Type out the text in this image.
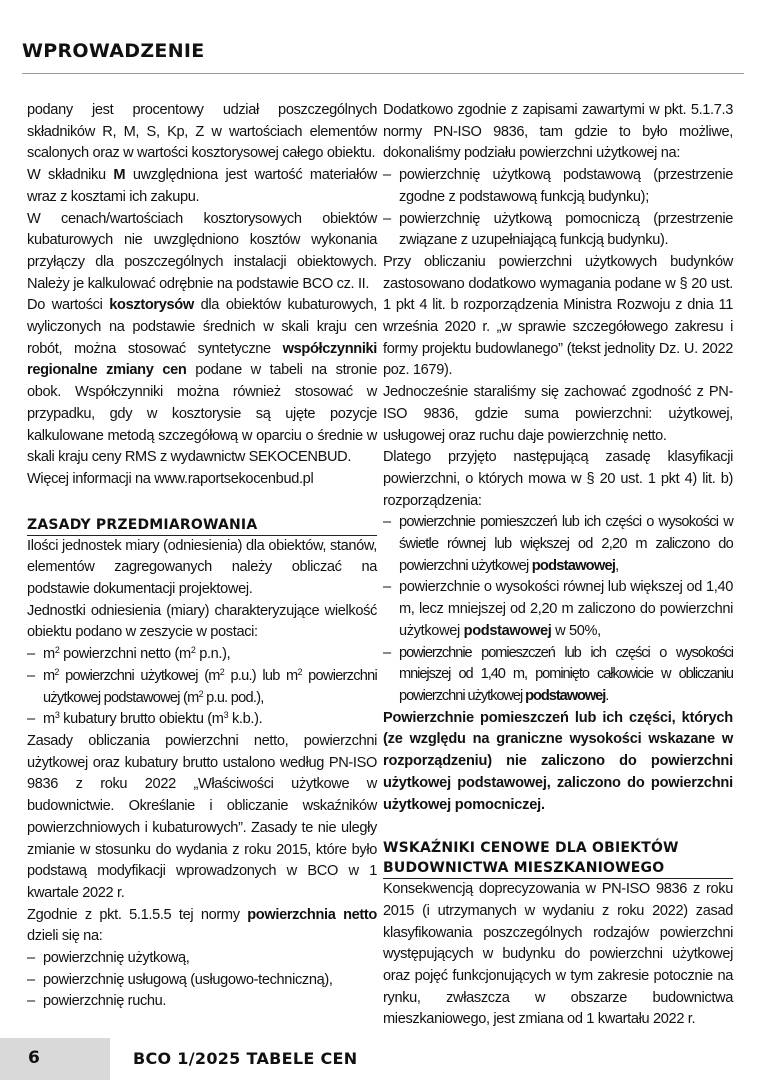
WPROWADZENIE

podany jest procentowy udział poszczególnych składników R, M, S, Kp, Z w wartościach elementów scalonych oraz w wartości kosztorysowej całego obiektu.

W składniku M uwzględniona jest wartość materiałów wraz z kosztami ich zakupu.

W cenach/wartościach kosztorysowych obiektów kubaturowych nie uwzględniono kosztów wykonania przyłączy dla poszczególnych instalacji obiektowych. Należy je kalkulować odrębnie na podstawie BCO cz. II.

Do wartości kosztorysów dla obiektów kubaturowych, wyliczonych na podstawie średnich w skali kraju cen robót, można stosować syntetyczne współczynniki regionalne zmiany cen podane w tabeli na stronie obok. Współczynniki można również stosować w przypadku, gdy w kosztorysie są ujęte pozycje kalkulowane metodą szczegółową w oparciu o średnie w skali kraju ceny RMS z wydawnictw SEKOCENBUD.

Więcej informacji na www.raportsekocenbud.pl

ZASADY PRZEDMIAROWANIA

Ilości jednostek miary (odniesienia) dla obiektów, stanów, elementów zagregowanych należy obliczać na podstawie dokumentacji projektowej.

Jednostki odniesienia (miary) charakteryzujące wielkość obiektu podano w zeszycie w postaci:

– $m^2$ powierzchni netto ($m^2$ p.n.),
– $m^2$ powierzchni użytkowej ($m^2$ p.u.) lub $m^2$ powierzchni użytkowej podstawowej ($m^2$ p.u. pod.),
– $m^3$ kubatury brutto obiektu ($m^3$ k.b.).

Zasady obliczania powierzchni netto, powierzchni użytkowej oraz kubatury brutto ustalono według PN-ISO 9836 z roku 2022 „Właściwości użytkowe w budownictwie. Określanie i obliczanie wskaźników powierzchniowych i kubaturowych”. Zasady te nie uległy zmianie w stosunku do wydania z roku 2015, które było podstawą modyfikacji wprowadzonych w BCO w 1 kwartale 2022 r.

Zgodnie z pkt. 5.1.5.5 tej normy powierzchnia netto dzieli się na:

– powierzchnię użytkową,
– powierzchnię usługową (usługowo-techniczną),
– powierzchnię ruchu.

Dodatkowo zgodnie z zapisami zawartymi w pkt. 5.1.7.3 normy PN-ISO 9836, tam gdzie to było możliwe, dokonaliśmy podziału powierzchni użytkowej na:

– powierzchnię użytkową podstawową (przestrzenie zgodne z podstawową funkcją budynku);
– powierzchnię użytkową pomocniczą (przestrzenie związane z uzupełniającą funkcją budynku).

Przy obliczaniu powierzchni użytkowych budynków zastosowano dodatkowo wymagania podane w § 20 ust. 1 pkt 4 lit. b rozporządzenia Ministra Rozwoju z dnia 11 września 2020 r. „w sprawie szczegółowego zakresu i formy projektu budowlanego” (tekst jednolity Dz. U. 2022 poz. 1679).

Jednocześnie staraliśmy się zachować zgodność z PN-ISO 9836, gdzie suma powierzchni: użytkowej, usługowej oraz ruchu daje powierzchnię netto.

Dlatego przyjęto następującą zasadę klasyfikacji powierzchni, o których mowa w § 20 ust. 1 pkt 4) lit. b) rozporządzenia:

– powierzchnie pomieszczeń lub ich części o wysokości w świetle równej lub większej od 2,20 m zaliczono do powierzchni użytkowej podstawowej,
– powierzchnie o wysokości równej lub większej od 1,40 m, lecz mniejszej od 2,20 m zaliczono do powierzchni użytkowej podstawowej w 50%,
– powierzchnie pomieszczeń lub ich części o wysokości mniejszej od 1,40 m, pominięto całkowicie w obliczaniu powierzchni użytkowej podstawowej.

Powierzchnie pomieszczeń lub ich części, których (ze względu na graniczne wysokości wskazane w rozporządzeniu) nie zaliczono do powierzchni użytkowej podstawowej, zaliczono do powierzchni użytkowej pomocniczej.

WSKAŹNIKI CENOWE DLA OBIEKTÓW BUDOWNICTWA MIESZKANIOWEGO

Konsekwencją doprecyzowania w PN-ISO 9836 z roku 2015 (i utrzymanych w wydaniu z roku 2022) zasad klasyfikowania poszczególnych rodzajów powierzchni występujących w budynku do powierzchni użytkowej oraz pojęć funkcjonujących w tym zakresie potocznie na rynku, zwłaszcza w obszarze budownictwa mieszkaniowego, jest zmiana od 1 kwartału 2022 r.

6	BCO 1/2025 TABELE CEN
